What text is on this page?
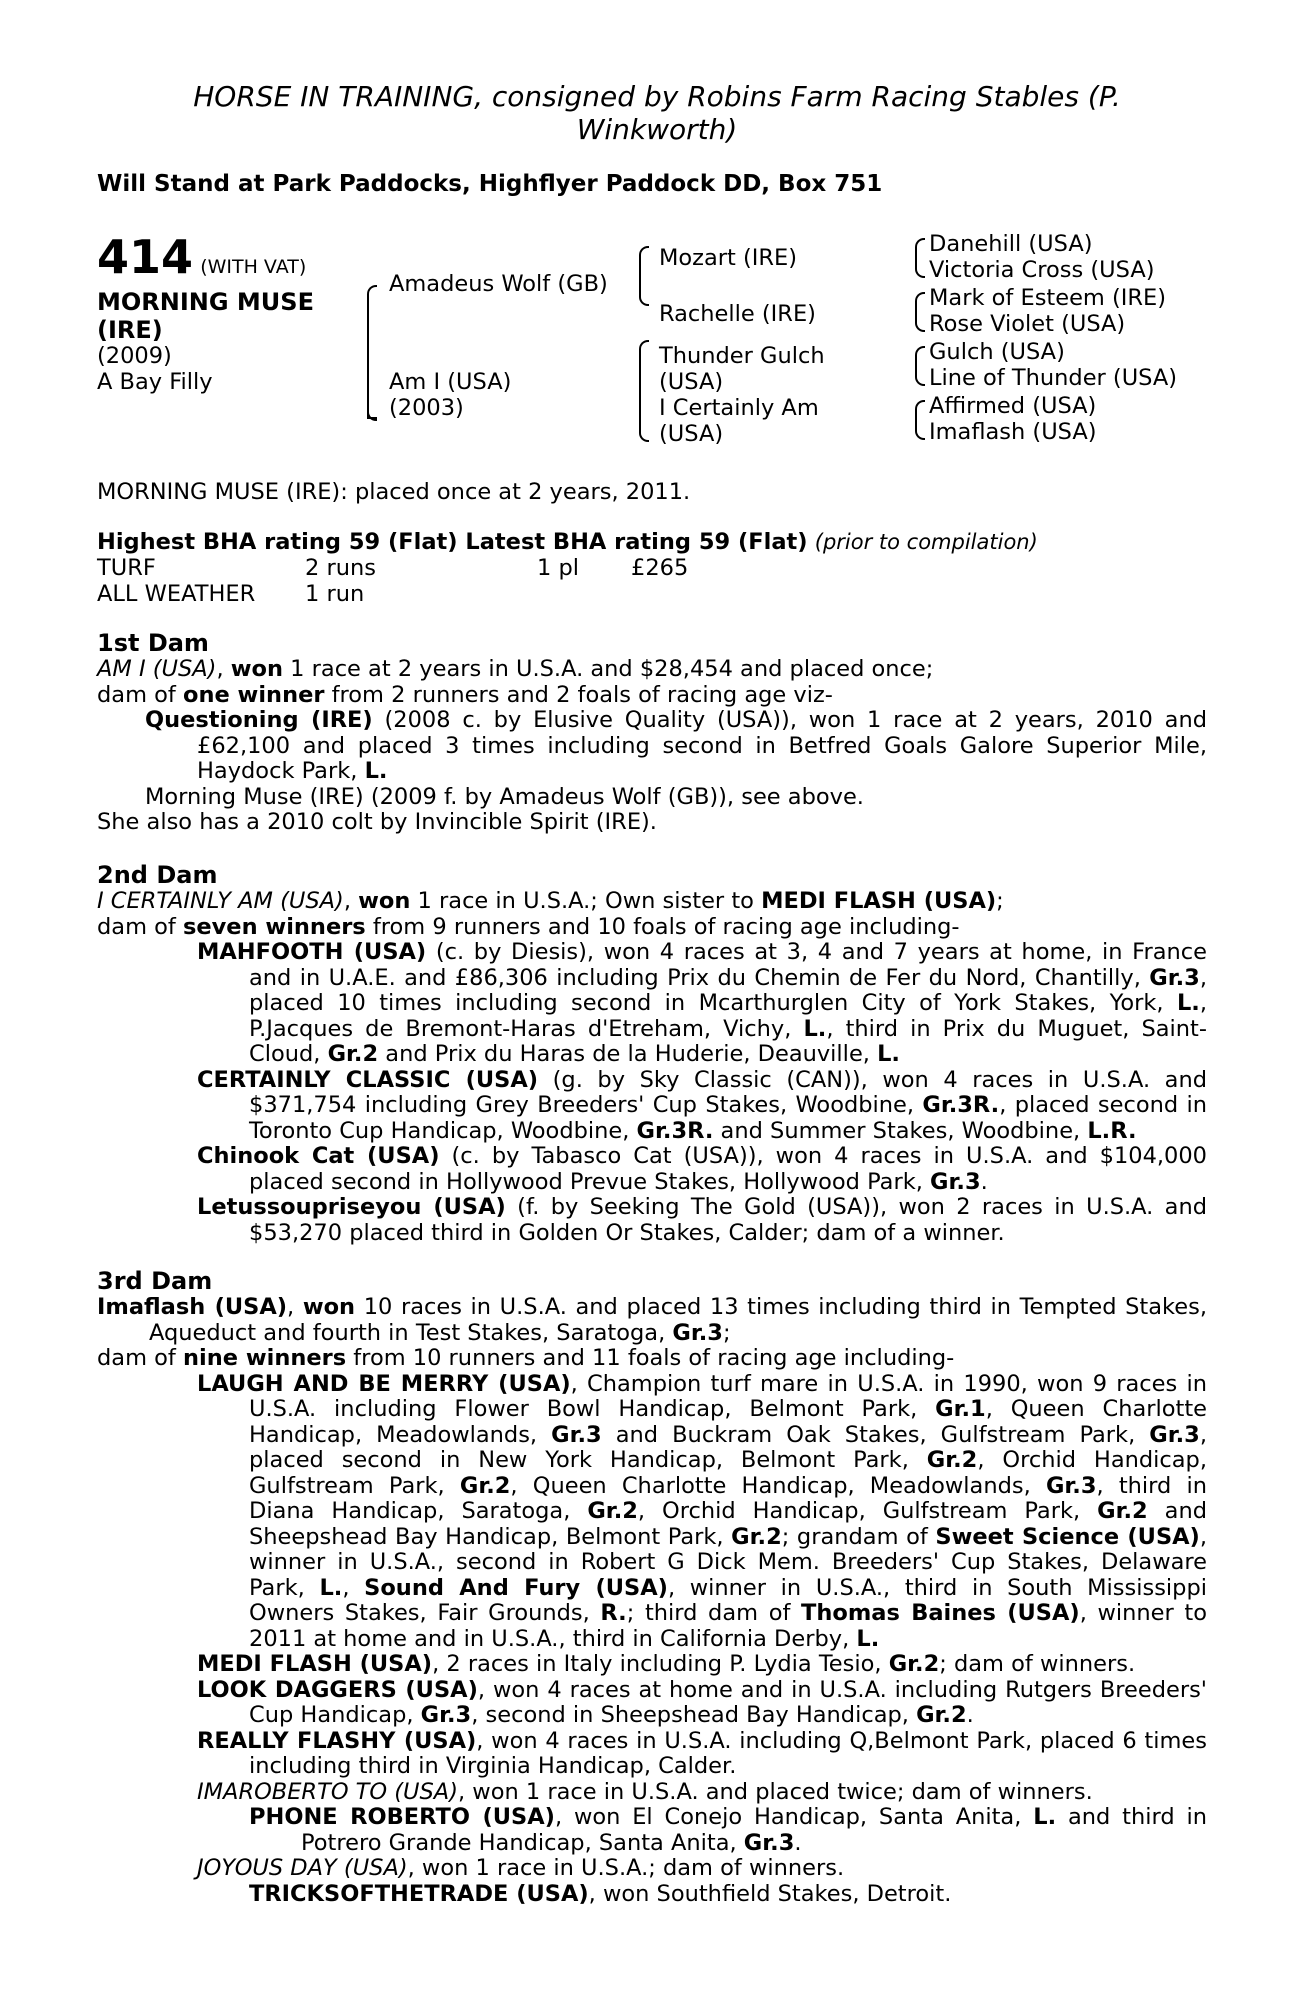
HORSE IN TRAINING, consigned by Robins Farm Racing Stables (P. Winkworth)
Will Stand at Park Paddocks, Highflyer Paddock DD, Box 751
414 (WITH VAT)
MORNING MUSE
(IRE)
(2009)
A Bay Filly
Amadeus Wolf (GB)
Am I (USA)
(2003)
Mozart (IRE)
Rachelle (IRE)
Thunder Gulch
(USA)
I Certainly Am
(USA)
Danehill (USA)
Victoria Cross (USA)
Mark of Esteem (IRE)
Rose Violet (USA)
Gulch (USA)
Line of Thunder (USA)
Affirmed (USA)
Imaflash (USA)
MORNING MUSE (IRE): placed once at 2 years, 2011.
Highest BHA rating 59 (Flat) Latest BHA rating 59 (Flat) (prior to compilation)
TURF	2 runs	1 pl	£265
ALL WEATHER	1 run

1st Dam

AM I (USA), won 1 race at 2 years in U.S.A. and $28,454 and placed once;

dam of one winner from 2 runners and 2 foals of racing age viz-

Questioning (IRE) (2008 c. by Elusive Quality (USA)), won 1 race at 2 years, 2010 and £62,100 and placed 3 times including second in Betfred Goals Galore Superior Mile, Haydock Park, L.

Morning Muse (IRE) (2009 f. by Amadeus Wolf (GB)), see above.

She also has a 2010 colt by Invincible Spirit (IRE).

2nd Dam

I CERTAINLY AM (USA), won 1 race in U.S.A.; Own sister to MEDI FLASH (USA);

dam of seven winners from 9 runners and 10 foals of racing age including-

MAHFOOTH (USA) (c. by Diesis), won 4 races at 3, 4 and 7 years at home, in France and in U.A.E. and £86,306 including Prix du Chemin de Fer du Nord, Chantilly, Gr.3, placed 10 times including second in Mcarthurglen City of York Stakes, York, L., P.Jacques de Bremont-Haras d'Etreham, Vichy, L., third in Prix du Muguet, Saint-Cloud, Gr.2 and Prix du Haras de la Huderie, Deauville, L.

CERTAINLY CLASSIC (USA) (g. by Sky Classic (CAN)), won 4 races in U.S.A. and $371,754 including Grey Breeders' Cup Stakes, Woodbine, Gr.3R., placed second in Toronto Cup Handicap, Woodbine, Gr.3R. and Summer Stakes, Woodbine, L.R.

Chinook Cat (USA) (c. by Tabasco Cat (USA)), won 4 races in U.S.A. and $104,000 placed second in Hollywood Prevue Stakes, Hollywood Park, Gr.3.

Letussoupriseyou (USA) (f. by Seeking The Gold (USA)), won 2 races in U.S.A. and $53,270 placed third in Golden Or Stakes, Calder; dam of a winner.

3rd Dam

Imaflash (USA), won 10 races in U.S.A. and placed 13 times including third in Tempted Stakes, Aqueduct and fourth in Test Stakes, Saratoga, Gr.3;

dam of nine winners from 10 runners and 11 foals of racing age including-

LAUGH AND BE MERRY (USA), Champion turf mare in U.S.A. in 1990, won 9 races in U.S.A. including Flower Bowl Handicap, Belmont Park, Gr.1, Queen Charlotte Handicap, Meadowlands, Gr.3 and Buckram Oak Stakes, Gulfstream Park, Gr.3, placed second in New York Handicap, Belmont Park, Gr.2, Orchid Handicap, Gulfstream Park, Gr.2, Queen Charlotte Handicap, Meadowlands, Gr.3, third in Diana Handicap, Saratoga, Gr.2, Orchid Handicap, Gulfstream Park, Gr.2 and Sheepshead Bay Handicap, Belmont Park, Gr.2; grandam of Sweet Science (USA), winner in U.S.A., second in Robert G Dick Mem. Breeders' Cup Stakes, Delaware Park, L., Sound And Fury (USA), winner in U.S.A., third in South Mississippi Owners Stakes, Fair Grounds, R.; third dam of Thomas Baines (USA), winner to 2011 at home and in U.S.A., third in California Derby, L.

MEDI FLASH (USA), 2 races in Italy including P. Lydia Tesio, Gr.2; dam of winners.

LOOK DAGGERS (USA), won 4 races at home and in U.S.A. including Rutgers Breeders' Cup Handicap, Gr.3, second in Sheepshead Bay Handicap, Gr.2.

REALLY FLASHY (USA), won 4 races in U.S.A. including Q,Belmont Park, placed 6 times including third in Virginia Handicap, Calder.

IMAROBERTO TO (USA), won 1 race in U.S.A. and placed twice; dam of winners.

PHONE ROBERTO (USA), won El Conejo Handicap, Santa Anita, L. and third in Potrero Grande Handicap, Santa Anita, Gr.3.

JOYOUS DAY (USA), won 1 race in U.S.A.; dam of winners.

TRICKSOFTHETRADE (USA), won Southfield Stakes, Detroit.
